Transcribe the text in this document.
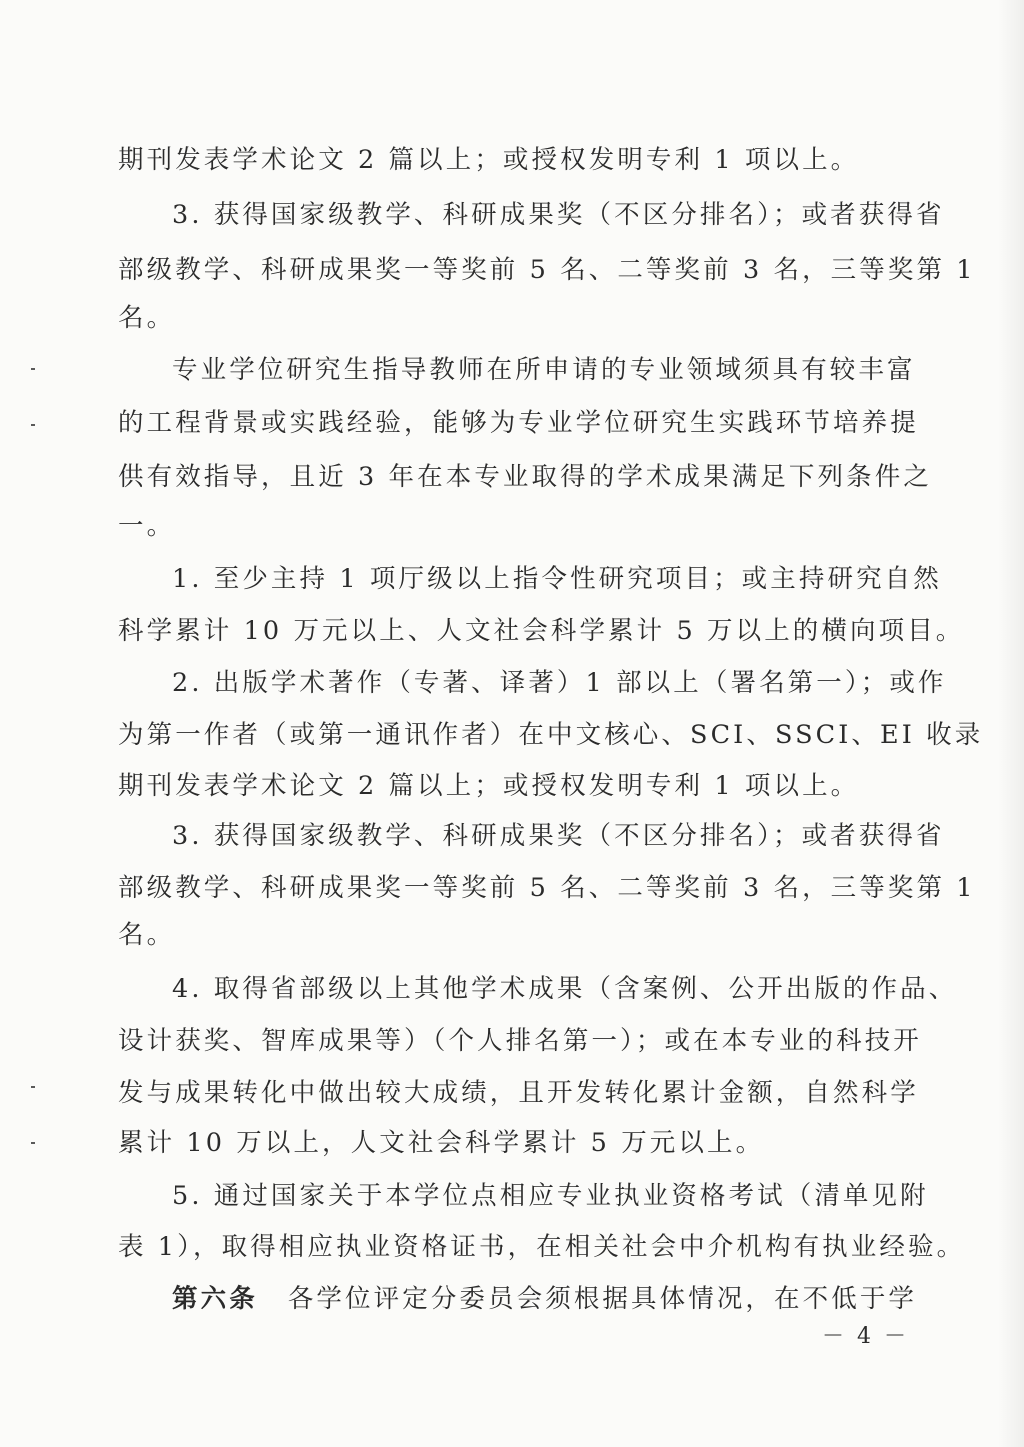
期刊发表学术论文 2 篇以上；或授权发明专利 1 项以上。
3. 获得国家级教学、科研成果奖（不区分排名）；或者获得省
部级教学、科研成果奖一等奖前 5 名、二等奖前 3 名，三等奖第 1
名。
专业学位研究生指导教师在所申请的专业领域须具有较丰富
的工程背景或实践经验，能够为专业学位研究生实践环节培养提
供有效指导，且近 3 年在本专业取得的学术成果满足下列条件之
一。
1. 至少主持 1 项厅级以上指令性研究项目；或主持研究自然
科学累计 10 万元以上、人文社会科学累计 5 万以上的横向项目。
2. 出版学术著作（专著、译著）1 部以上（署名第一）；或作
为第一作者（或第一通讯作者）在中文核心、SCI、SSCI、EI 收录
期刊发表学术论文 2 篇以上；或授权发明专利 1 项以上。
3. 获得国家级教学、科研成果奖（不区分排名）；或者获得省
部级教学、科研成果奖一等奖前 5 名、二等奖前 3 名，三等奖第 1
名。
4. 取得省部级以上其他学术成果（含案例、公开出版的作品、
设计获奖、智库成果等）（个人排名第一）；或在本专业的科技开
发与成果转化中做出较大成绩，且开发转化累计金额，自然科学
累计 10 万以上，人文社会科学累计 5 万元以上。
5. 通过国家关于本学位点相应专业执业资格考试（清单见附
表 1），取得相应执业资格证书，在相关社会中介机构有执业经验。
第六条 各学位评定分委员会须根据具体情况，在不低于学
－ 4 －
